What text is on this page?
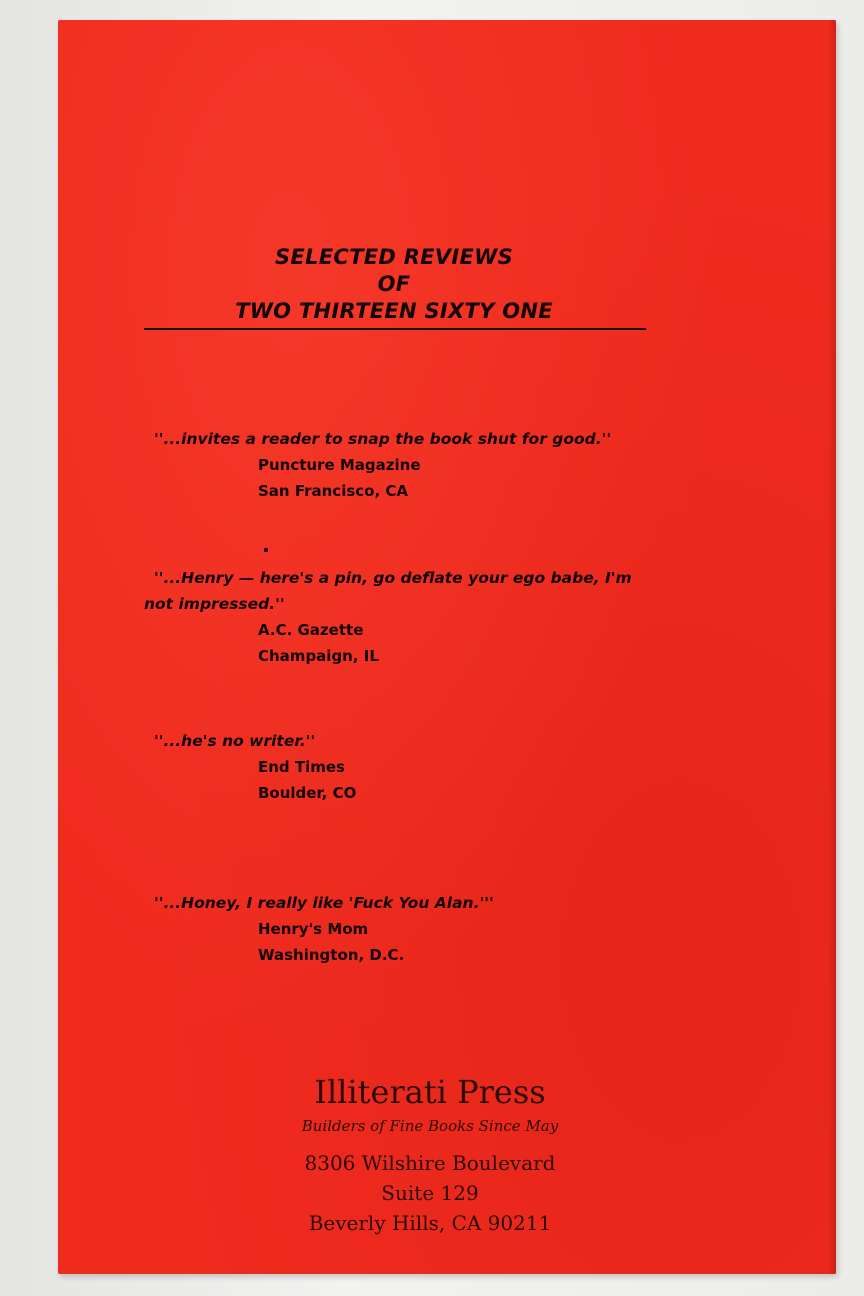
SELECTED REVIEWS
OF
TWO THIRTEEN SIXTY ONE
''...invites a reader to snap the book shut for good.''
Puncture Magazine
San Francisco, CA
''...Henry — here's a pin, go deflate your ego babe, I'm
not impressed.''
A.C. Gazette
Champaign, IL
''...he's no writer.''
End Times
Boulder, CO
''...Honey, I really like 'Fuck You Alan.'''
Henry's Mom
Washington, D.C.
Illiterati Press
Builders of Fine Books Since May
8306 Wilshire Boulevard
Suite 129
Beverly Hills, CA 90211
